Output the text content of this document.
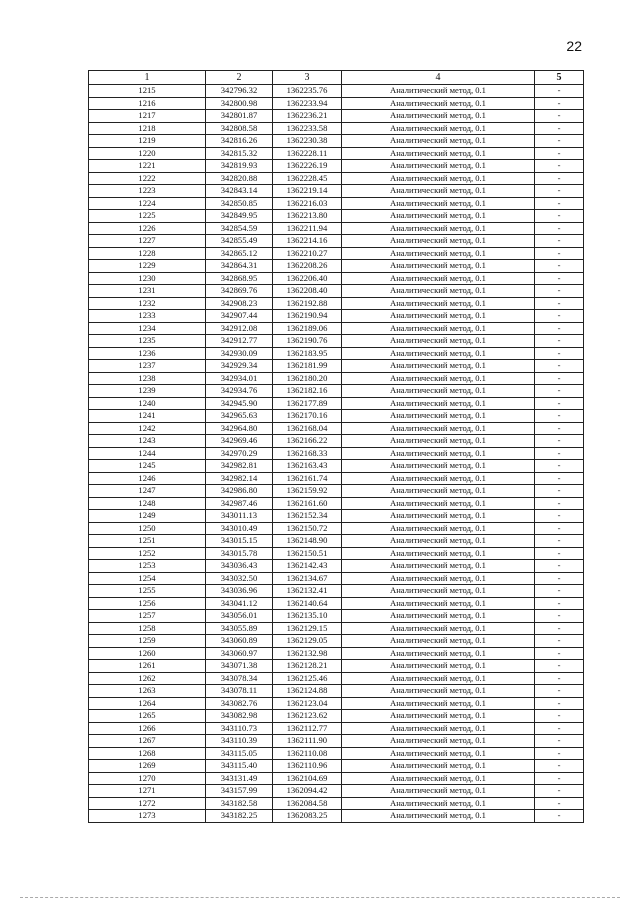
22
1	2	3	4	5
1215	342796.32	1362235.76	Аналитический метод, 0.1	-
1216	342800.98	1362233.94	Аналитический метод, 0.1	-
1217	342801.87	1362236.21	Аналитический метод, 0.1	-
1218	342808.58	1362233.58	Аналитический метод, 0.1	-
1219	342816.26	1362230.38	Аналитический метод, 0.1	-
1220	342815.32	1362228.11	Аналитический метод, 0.1	-
1221	342819.93	1362226.19	Аналитический метод, 0.1	-
1222	342820.88	1362228.45	Аналитический метод, 0.1	-
1223	342843.14	1362219.14	Аналитический метод, 0.1	-
1224	342850.85	1362216.03	Аналитический метод, 0.1	-
1225	342849.95	1362213.80	Аналитический метод, 0.1	-
1226	342854.59	1362211.94	Аналитический метод, 0.1	-
1227	342855.49	1362214.16	Аналитический метод, 0.1	-
1228	342865.12	1362210.27	Аналитический метод, 0.1	-
1229	342864.31	1362208.26	Аналитический метод, 0.1	-
1230	342868.95	1362206.40	Аналитический метод, 0.1	-
1231	342869.76	1362208.40	Аналитический метод, 0.1	-
1232	342908.23	1362192.88	Аналитический метод, 0.1	-
1233	342907.44	1362190.94	Аналитический метод, 0.1	-
1234	342912.08	1362189.06	Аналитический метод, 0.1	-
1235	342912.77	1362190.76	Аналитический метод, 0.1	-
1236	342930.09	1362183.95	Аналитический метод, 0.1	-
1237	342929.34	1362181.99	Аналитический метод, 0.1	-
1238	342934.01	1362180.20	Аналитический метод, 0.1	-
1239	342934.76	1362182.16	Аналитический метод, 0.1	-
1240	342945.90	1362177.89	Аналитический метод, 0.1	-
1241	342965.63	1362170.16	Аналитический метод, 0.1	-
1242	342964.80	1362168.04	Аналитический метод, 0.1	-
1243	342969.46	1362166.22	Аналитический метод, 0.1	-
1244	342970.29	1362168.33	Аналитический метод, 0.1	-
1245	342982.81	1362163.43	Аналитический метод, 0.1	-
1246	342982.14	1362161.74	Аналитический метод, 0.1	-
1247	342986.80	1362159.92	Аналитический метод, 0.1	-
1248	342987.46	1362161.60	Аналитический метод, 0.1	-
1249	343011.13	1362152.34	Аналитический метод, 0.1	-
1250	343010.49	1362150.72	Аналитический метод, 0.1	-
1251	343015.15	1362148.90	Аналитический метод, 0.1	-
1252	343015.78	1362150.51	Аналитический метод, 0.1	-
1253	343036.43	1362142.43	Аналитический метод, 0.1	-
1254	343032.50	1362134.67	Аналитический метод, 0.1	-
1255	343036.96	1362132.41	Аналитический метод, 0.1	-
1256	343041.12	1362140.64	Аналитический метод, 0.1	-
1257	343056.01	1362135.10	Аналитический метод, 0.1	-
1258	343055.89	1362129.15	Аналитический метод, 0.1	-
1259	343060.89	1362129.05	Аналитический метод, 0.1	-
1260	343060.97	1362132.98	Аналитический метод, 0.1	-
1261	343071.38	1362128.21	Аналитический метод, 0.1	-
1262	343078.34	1362125.46	Аналитический метод, 0.1	-
1263	343078.11	1362124.88	Аналитический метод, 0.1	-
1264	343082.76	1362123.04	Аналитический метод, 0.1	-
1265	343082.98	1362123.62	Аналитический метод, 0.1	-
1266	343110.73	1362112.77	Аналитический метод, 0.1	-
1267	343110.39	1362111.90	Аналитический метод, 0.1	-
1268	343115.05	1362110.08	Аналитический метод, 0.1	-
1269	343115.40	1362110.96	Аналитический метод, 0.1	-
1270	343131.49	1362104.69	Аналитический метод, 0.1	-
1271	343157.99	1362094.42	Аналитический метод, 0.1	-
1272	343182.58	1362084.58	Аналитический метод, 0.1	-
1273	343182.25	1362083.25	Аналитический метод, 0.1	-
